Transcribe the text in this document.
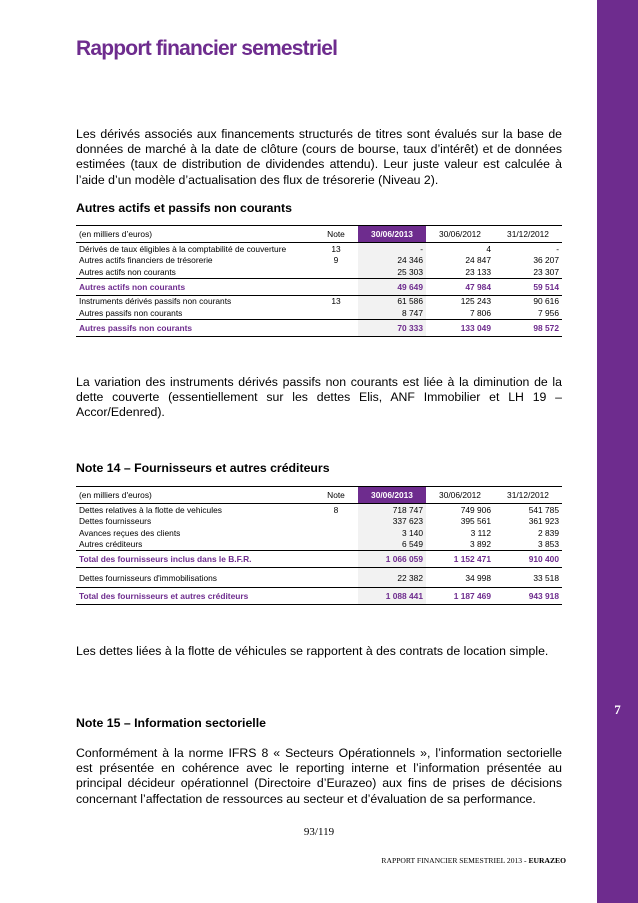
7
Rapport financier semestriel
Les dérivés associés aux financements structurés de titres sont évalués sur la base de données de marché à la date de clôture (cours de bourse, taux d’intérêt) et de données estimées (taux de distribution de dividendes attendu). Leur juste valeur est calculée à l’aide d’un modèle d’actualisation des flux de trésorerie (Niveau 2).
Autres actifs et passifs non courants
(en milliers d’euros)	Note	30/06/2013	30/06/2012	31/12/2012
Dérivés de taux éligibles à la comptabilité de couverture	13	-	4	-
Autres actifs financiers de trésorerie	9	24 346	24 847	36 207
Autres actifs non courants		25 303	23 133	23 307
Autres actifs non courants		49 649	47 984	59 514
Instruments dérivés passifs non courants	13	61 586	125 243	90 616
Autres passifs non courants		8 747	7 806	7 956
Autres passifs non courants		70 333	133 049	98 572
La variation des instruments dérivés passifs non courants est liée à la diminution de la dette couverte (essentiellement sur les dettes Elis, ANF Immobilier et LH 19 – Accor/Edenred).
Note 14 – Fournisseurs et autres créditeurs
(en milliers d'euros)	Note	30/06/2013	30/06/2012	31/12/2012
Dettes relatives à la flotte de vehicules	8	718 747	749 906	541 785
Dettes fournisseurs		337 623	395 561	361 923
Avances reçues des clients		3 140	3 112	2 839
Autres créditeurs		6 549	3 892	3 853
Total des fournisseurs inclus dans le B.F.R.		1 066 059	1 152 471	910 400
Dettes fournisseurs d'immobilisations		22 382	34 998	33 518
Total des fournisseurs et autres créditeurs		1 088 441	1 187 469	943 918
Les dettes liées à la flotte de véhicules se rapportent à des contrats de location simple.
Note 15 – Information sectorielle
Conformément à la norme IFRS 8 « Secteurs Opérationnels », l’information sectorielle est présentée en cohérence avec le reporting interne et l’information présentée au principal décideur opérationnel (Directoire d’Eurazeo) aux fins de prises de décisions concernant l’affectation de ressources au secteur et d’évaluation de sa performance.
93/119
RAPPORT FINANCIER SEMESTRIEL 2013 - EURAZEO
